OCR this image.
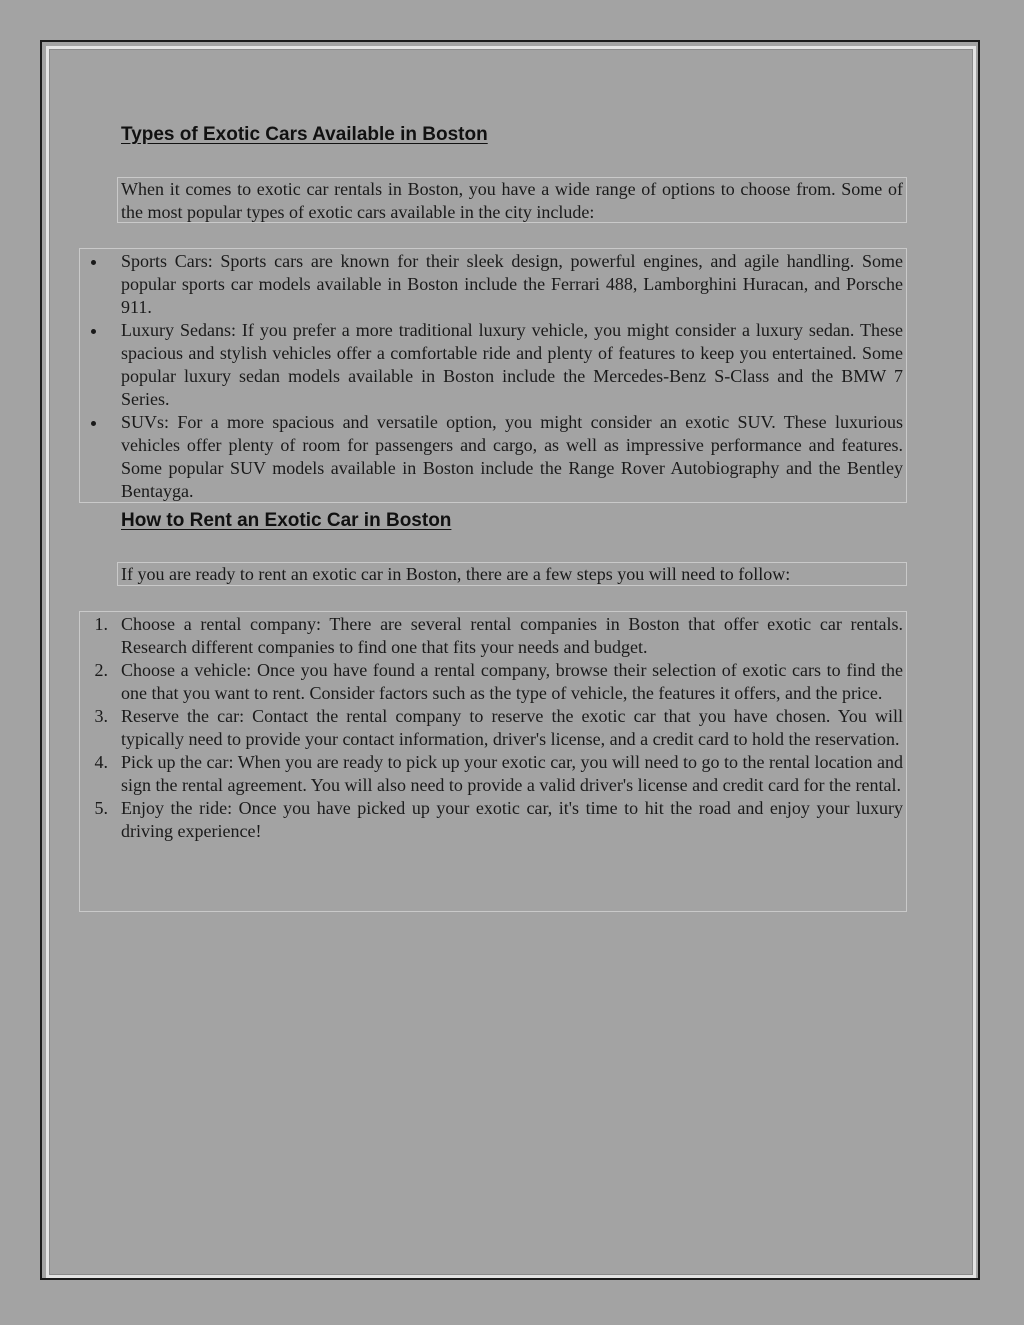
Types of Exotic Cars Available in Boston

When it comes to exotic car rentals in Boston, you have a wide range of options to choose from. Some of the most popular types of exotic cars available in the city include:

Sports Cars: Sports cars are known for their sleek design, powerful engines, and agile handling. Some popular sports car models available in Boston include the Ferrari 488, Lamborghini Huracan, and Porsche 911.
Luxury Sedans: If you prefer a more traditional luxury vehicle, you might consider a luxury sedan. These spacious and stylish vehicles offer a comfortable ride and plenty of features to keep you entertained. Some popular luxury sedan models available in Boston include the Mercedes-Benz S-Class and the BMW 7 Series.
SUVs: For a more spacious and versatile option, you might consider an exotic SUV. These luxurious vehicles offer plenty of room for passengers and cargo, as well as impressive performance and features. Some popular SUV models available in Boston include the Range Rover Autobiography and the Bentley Bentayga.
How to Rent an Exotic Car in Boston

If you are ready to rent an exotic car in Boston, there are a few steps you will need to follow:

1. Choose a rental company: There are several rental companies in Boston that offer exotic car rentals. Research different companies to find one that fits your needs and budget.
2. Choose a vehicle: Once you have found a rental company, browse their selection of exotic cars to find the one that you want to rent. Consider factors such as the type of vehicle, the features it offers, and the price.
3. Reserve the car: Contact the rental company to reserve the exotic car that you have chosen. You will typically need to provide your contact information, driver's license, and a credit card to hold the reservation.
4. Pick up the car: When you are ready to pick up your exotic car, you will need to go to the rental location and sign the rental agreement. You will also need to provide a valid driver's license and credit card for the rental.
5. Enjoy the ride: Once you have picked up your exotic car, it's time to hit the road and enjoy your luxury driving experience!
